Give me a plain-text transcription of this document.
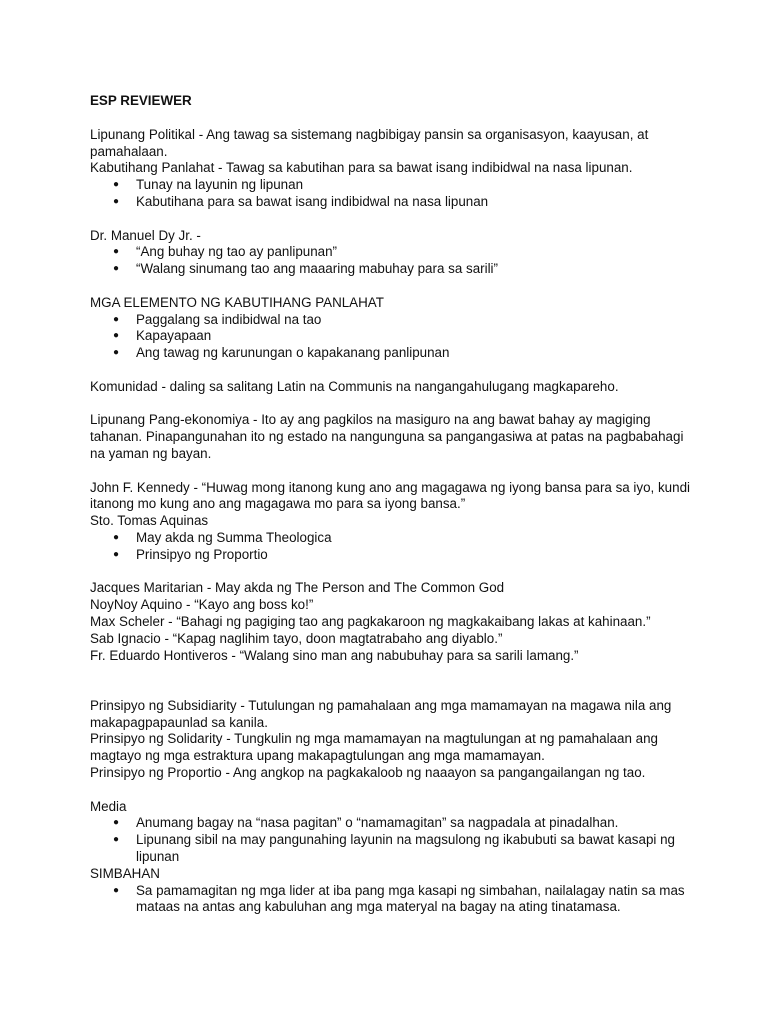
ESP REVIEWER

Lipunang Politikal - Ang tawag sa sistemang nagbibigay pansin sa organisasyon, kaayusan, at pamahalaan.

Kabutihang Panlahat - Tawag sa kabutihan para sa bawat isang indibidwal na nasa lipunan.

● Tunay na layunin ng lipunan
● Kabutihana para sa bawat isang indibidwal na nasa lipunan

Dr. Manuel Dy Jr. -

● “Ang buhay ng tao ay panlipunan”
● “Walang sinumang tao ang maaaring mabuhay para sa sarili”

MGA ELEMENTO NG KABUTIHANG PANLAHAT

● Paggalang sa indibidwal na tao
● Kapayapaan
● Ang tawag ng karunungan o kapakanang panlipunan

Komunidad - daling sa salitang Latin na Communis na nangangahulugang magkapareho.

Lipunang Pang-ekonomiya - Ito ay ang pagkilos na masiguro na ang bawat bahay ay magiging tahanan. Pinapangunahan ito ng estado na nangunguna sa pangangasiwa at patas na pagbabahagi na yaman ng bayan.

John F. Kennedy - “Huwag mong itanong kung ano ang magagawa ng iyong bansa para sa iyo, kundi itanong mo kung ano ang magagawa mo para sa iyong bansa.”

Sto. Tomas Aquinas

● May akda ng Summa Theologica
● Prinsipyo ng Proportio

Jacques Maritarian - May akda ng The Person and The Common God

NoyNoy Aquino - “Kayo ang boss ko!”

Max Scheler - “Bahagi ng pagiging tao ang pagkakaroon ng magkakaibang lakas at kahinaan.”

Sab Ignacio - “Kapag naglihim tayo, doon magtatrabaho ang diyablo.”

Fr. Eduardo Hontiveros - “Walang sino man ang nabubuhay para sa sarili lamang.”

Prinsipyo ng Subsidiarity - Tutulungan ng pamahalaan ang mga mamamayan na magawa nila ang makapagpapaunlad sa kanila.

Prinsipyo ng Solidarity - Tungkulin ng mga mamamayan na magtulungan at ng pamahalaan ang magtayo ng mga estraktura upang makapagtulungan ang mga mamamayan.

Prinsipyo ng Proportio - Ang angkop na pagkakaloob ng naaayon sa pangangailangan ng tao.

Media

● Anumang bagay na “nasa pagitan” o “namamagitan” sa nagpadala at pinadalhan.
● Lipunang sibil na may pangunahing layunin na magsulong ng ikabubuti sa bawat kasapi ng lipunan

SIMBAHAN

● Sa pamamagitan ng mga lider at iba pang mga kasapi ng simbahan, nailalagay natin sa mas mataas na antas ang kabuluhan ang mga materyal na bagay na ating tinatamasa.
